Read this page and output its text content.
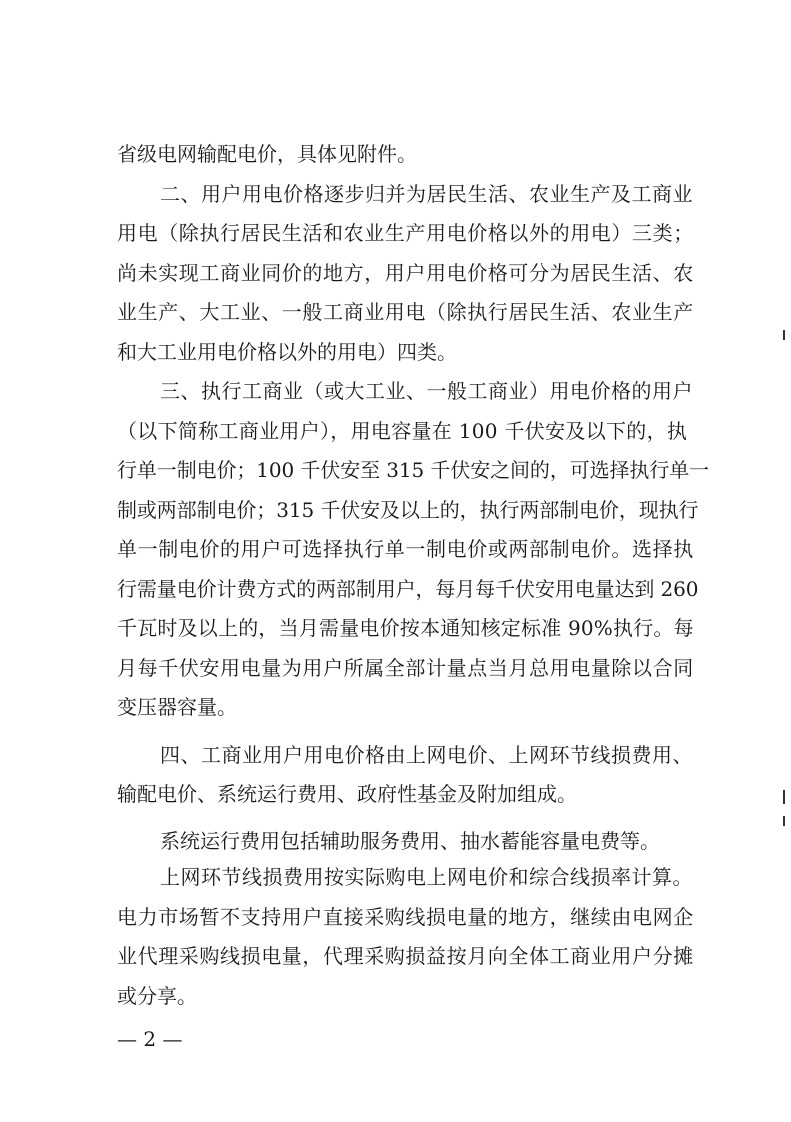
省级电网输配电价，具体见附件。
二、用户用电价格逐步归并为居民生活、农业生产及工商业
用电（除执行居民生活和农业生产用电价格以外的用电）三类；
尚未实现工商业同价的地方，用户用电价格可分为居民生活、农
业生产、大工业、一般工商业用电（除执行居民生活、农业生产
和大工业用电价格以外的用电）四类。
三、执行工商业（或大工业、一般工商业）用电价格的用户
（以下简称工商业用户），用电容量在 100 千伏安及以下的，执
行单一制电价；100 千伏安至 315 千伏安之间的，可选择执行单一
制或两部制电价；315 千伏安及以上的，执行两部制电价，现执行
单一制电价的用户可选择执行单一制电价或两部制电价。选择执
行需量电价计费方式的两部制用户，每月每千伏安用电量达到 260
千瓦时及以上的，当月需量电价按本通知核定标准 90%执行。每
月每千伏安用电量为用户所属全部计量点当月总用电量除以合同
变压器容量。
四、工商业用户用电价格由上网电价、上网环节线损费用、
输配电价、系统运行费用、政府性基金及附加组成。
系统运行费用包括辅助服务费用、抽水蓄能容量电费等。
上网环节线损费用按实际购电上网电价和综合线损率计算。
电力市场暂不支持用户直接采购线损电量的地方，继续由电网企
业代理采购线损电量，代理采购损益按月向全体工商业用户分摊
或分享。
— 2 —
